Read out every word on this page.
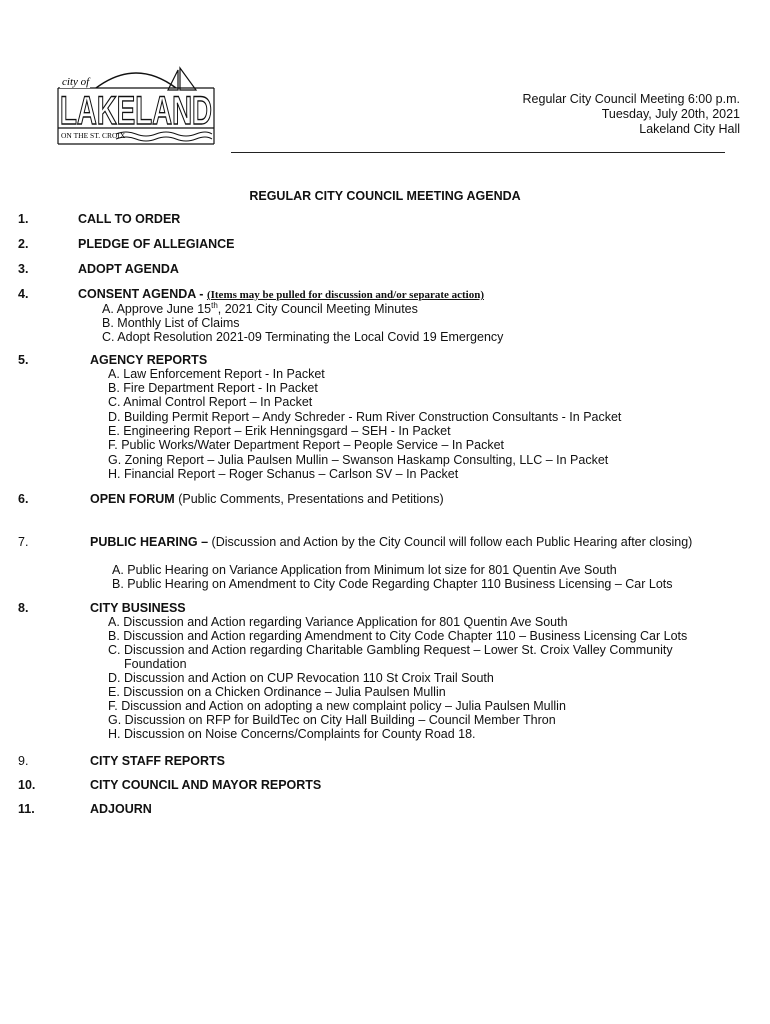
city of
LAKELAND
ON THE ST. CROIX
Regular City Council Meeting 6:00 p.m.
Tuesday, July 20th, 2021
Lakeland City Hall
REGULAR CITY COUNCIL MEETING AGENDA
1.	CALL TO ORDER
2.	PLEDGE OF ALLEGIANCE
3.	ADOPT AGENDA
4.	CONSENT AGENDA - (Items may be pulled for discussion and/or separate action)
A. Approve June 15th, 2021 City Council Meeting Minutes
B. Monthly List of Claims
C. Adopt Resolution 2021-09 Terminating the Local Covid 19 Emergency
5.	AGENCY REPORTS
A. Law Enforcement Report - In Packet
B. Fire Department Report - In Packet
C. Animal Control Report – In Packet
D. Building Permit Report – Andy Schreder - Rum River Construction Consultants - In Packet
E. Engineering Report – Erik Henningsgard – SEH - In Packet
F. Public Works/Water Department Report – People Service – In Packet
G. Zoning Report – Julia Paulsen Mullin – Swanson Haskamp Consulting, LLC – In Packet
H. Financial Report – Roger Schanus – Carlson SV – In Packet
6.	OPEN FORUM (Public Comments, Presentations and Petitions)
7.	PUBLIC HEARING – (Discussion and Action by the City Council will follow each Public Hearing after closing)
A. Public Hearing on Variance Application from Minimum lot size for 801 Quentin Ave South
B. Public Hearing on Amendment to City Code Regarding Chapter 110 Business Licensing – Car Lots
8.	CITY BUSINESS
A. Discussion and Action regarding Variance Application for 801 Quentin Ave South
B. Discussion and Action regarding Amendment to City Code Chapter 110 – Business Licensing Car Lots
C. Discussion and Action regarding Charitable Gambling Request – Lower St. Croix Valley Community
Foundation
D. Discussion and Action on CUP Revocation 110 St Croix Trail South
E. Discussion on a Chicken Ordinance – Julia Paulsen Mullin
F. Discussion and Action on adopting a new complaint policy – Julia Paulsen Mullin
G. Discussion on RFP for BuildTec on City Hall Building – Council Member Thron
H. Discussion on Noise Concerns/Complaints for County Road 18.
9.	CITY STAFF REPORTS
10.	CITY COUNCIL AND MAYOR REPORTS
11.	ADJOURN
